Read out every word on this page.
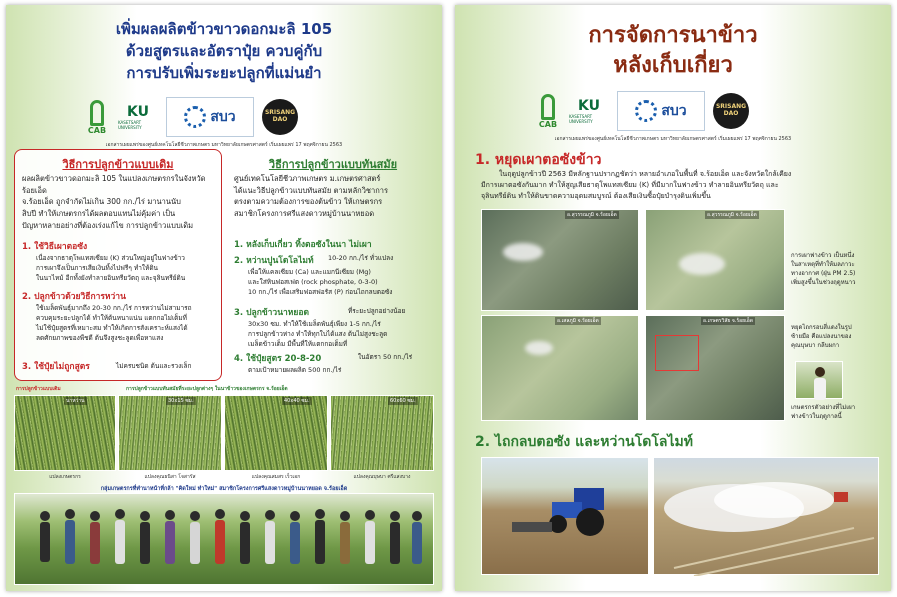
เพิ่มผลผลิตข้าวขาวดอกมะลิ 105
ด้วยสูตรและอัตราปุ๋ย ควบคู่กับ
การปรับเพิ่มระยะปลูกที่แม่นยำ
CAB
KU
KASETSART UNIVERSITY
สบว	SRISANG DAO
เอกสารเผยแพร่ของศูนย์เทคโนโลยีชีวภาพเกษตร มหาวิทยาลัยเกษตรศาสตร์ เริ่มเผยแพร่ 17 พฤศจิกายน 2563
วิธีการปลูกข้าวแบบเดิม
ผลผลิตข้าวขาวดอกมะลิ 105 ในแปลงเกษตรกรในจังหวัดร้อยเอ็ด
จ.ร้อยเอ็ด ถูกจำกัดไม่เกิน 300 กก./ไร่ มานานนับ
สิบปี ทำให้เกษตรกรได้ผลตอบแทนไม่คุ้มค่า เป็น
ปัญหาหลายอย่างที่ต้องเร่งแก้ไข การปลูกข้าวแบบเดิม
1. ใช้วิธีเผาตอซัง
เนื่องจากธาตุโพแทสเซียม (K) ส่วนใหญ่อยู่ในฟางข้าว
การเผาจึงเป็นการเสียเงินทิ้งไปฟรีๆ ทำให้ดิน
ในนาไหม้ อีกทั้งยังทำลายอินทรียวัตถุ และจุลินทรีย์ดิน
2. ปลูกข้าวด้วยวิธีการหว่าน
ใช้เมล็ดพันธุ์มากถึง 20-30 กก./ไร่ การหว่านไม่สามารถ
ควบคุมระยะปลูกได้ ทำให้ต้นหนาแน่น แตกกอไม่เต็มที่
ไม่ใช้ปุ๋ยสูตรที่เหมาะสม ทำให้เกิดการสังเคราะห์แสงได้
ลดศักยภาพของพืชดี ต้นจึงสูงชะลูดเพื่อหาแสง
3. ใช้ปุ๋ยไม่ถูกสูตร	ไม่ครบชนิด ต้นและรวงเล็ก
วิธีการปลูกข้าวแบบทันสมัย
ศูนย์เทคโนโลยีชีวภาพเกษตร ม.เกษตรศาสตร์
ได้แนะวิธีปลูกข้าวแบบทันสมัย ตามหลักวิชาการ
ตรงตามความต้องการของต้นข้าว ให้เกษตรกร
สมาชิกโครงการศรีแสงดาวหมู่บ้านนาหยอด
1. หลังเก็บเกี่ยว ทิ้งตอซังในนา ไม่เผา
2. หว่านปูนโดโลไมท์ 10-20 กก./ไร่ ทั่วแปลง
เพื่อให้แคลเซียม (Ca) และแมกนีเซียม (Mg)
และใส่หินฟอสเฟต (rock phosphate, 0-3-0)
10 กก./ไร่ เพื่อเสริมฟอสฟอรัส (P) ก่อนไถกลบตอซัง
3. ปลูกข้าวนาหยอด	ที่ระยะปลูกอย่างน้อย
30x30 ซม. ทำให้ใช้เมล็ดพันธุ์เพียง 1-5 กก./ไร่
การปลูกข้าวห่าง ทำให้ทุกใบได้แสง ต้นไม่สูงชะลูด
เมล็ดข้าวเต็ม มีพื้นที่ให้แตกกอเต็มที่
4. ใช้ปุ๋ยสูตร 20-8-20	ในอัตรา 50 กก./ไร่
ตามเป้าหมายผลผลิต 500 กก./ไร่
การปลูกข้าวแบบเดิม	การปลูกข้าวแบบทันสมัยที่ระยะปลูกต่างๆ ในนาข้าวของเกษตรกร จ.ร้อยเอ็ด
นาหว่าน	30x15 ซม.	40x40 ซม.	60x60 ซม.
แปลงเกษตรกร	แปลงคุณธนิสา โจสารัส	แปลงคุณสมสร เร็วเอก	แปลงคุณบุษบา ศรีแสงบาง
กลุ่มเกษตรกรที่ทำนาหน้าที่กล้า "คิดใหม่ ทำใหม่" สมาชิกโครงการศรีแสงดาวหมู่บ้านนาหยอด จ.ร้อยเอ็ด
การจัดการนาข้าว
หลังเก็บเกี่ยว
CAB
KU
KASETSART UNIVERSITY
สบว	SRISANG DAO
เอกสารเผยแพร่ของศูนย์เทคโนโลยีชีวภาพเกษตร มหาวิทยาลัยเกษตรศาสตร์ เริ่มเผยแพร่ 17 พฤศจิกายน 2563
1. หยุดเผาตอซังข้าว
ในฤดูปลูกข้าวปี 2563 มีหลักฐานปรากฏชัดว่า หลายอำเภอในพื้นที่ จ.ร้อยเอ็ด และจังหวัดใกล้เคียง
มีการเผาตอซังกันมาก ทำให้สูญเสียธาตุโพแทสเซียม (K) ที่มีมากในฟางข้าว ทำลายอินทรียวัตถุ และ
จุลินทรีย์ดิน ทำให้ดินขาดความอุดมสมบูรณ์ ต้องเสียเงินซื้อปุ๋ยบำรุงดินเพิ่มขึ้น
อ.สุวรรณภูมิ จ.ร้อยเอ็ด	อ.สุวรรณภูมิ จ.ร้อยเอ็ด
อ.เสลภูมิ จ.ร้อยเอ็ด	อ.เกษตรวิสัย จ.ร้อยเอ็ด
การเผาฟางข้าว เป็นหนึ่ง
ในสาเหตุที่ทำให้มลภาวะ
ทางอากาศ (ฝุ่น PM 2.5)
เพิ่มสูงขึ้นในช่วงฤดูหนาว
หยุดไถกรอบสี่แดงในรูป
ซ้ายมือ คือแปลงนาของ
คุณบุษบา กลีบผกา
เกษตรกรตัวอย่างที่ไม่เผา
ฟางข้าวในฤดูกาลนี้
2. ไถกลบตอซัง และหว่านโดโลไมท์
